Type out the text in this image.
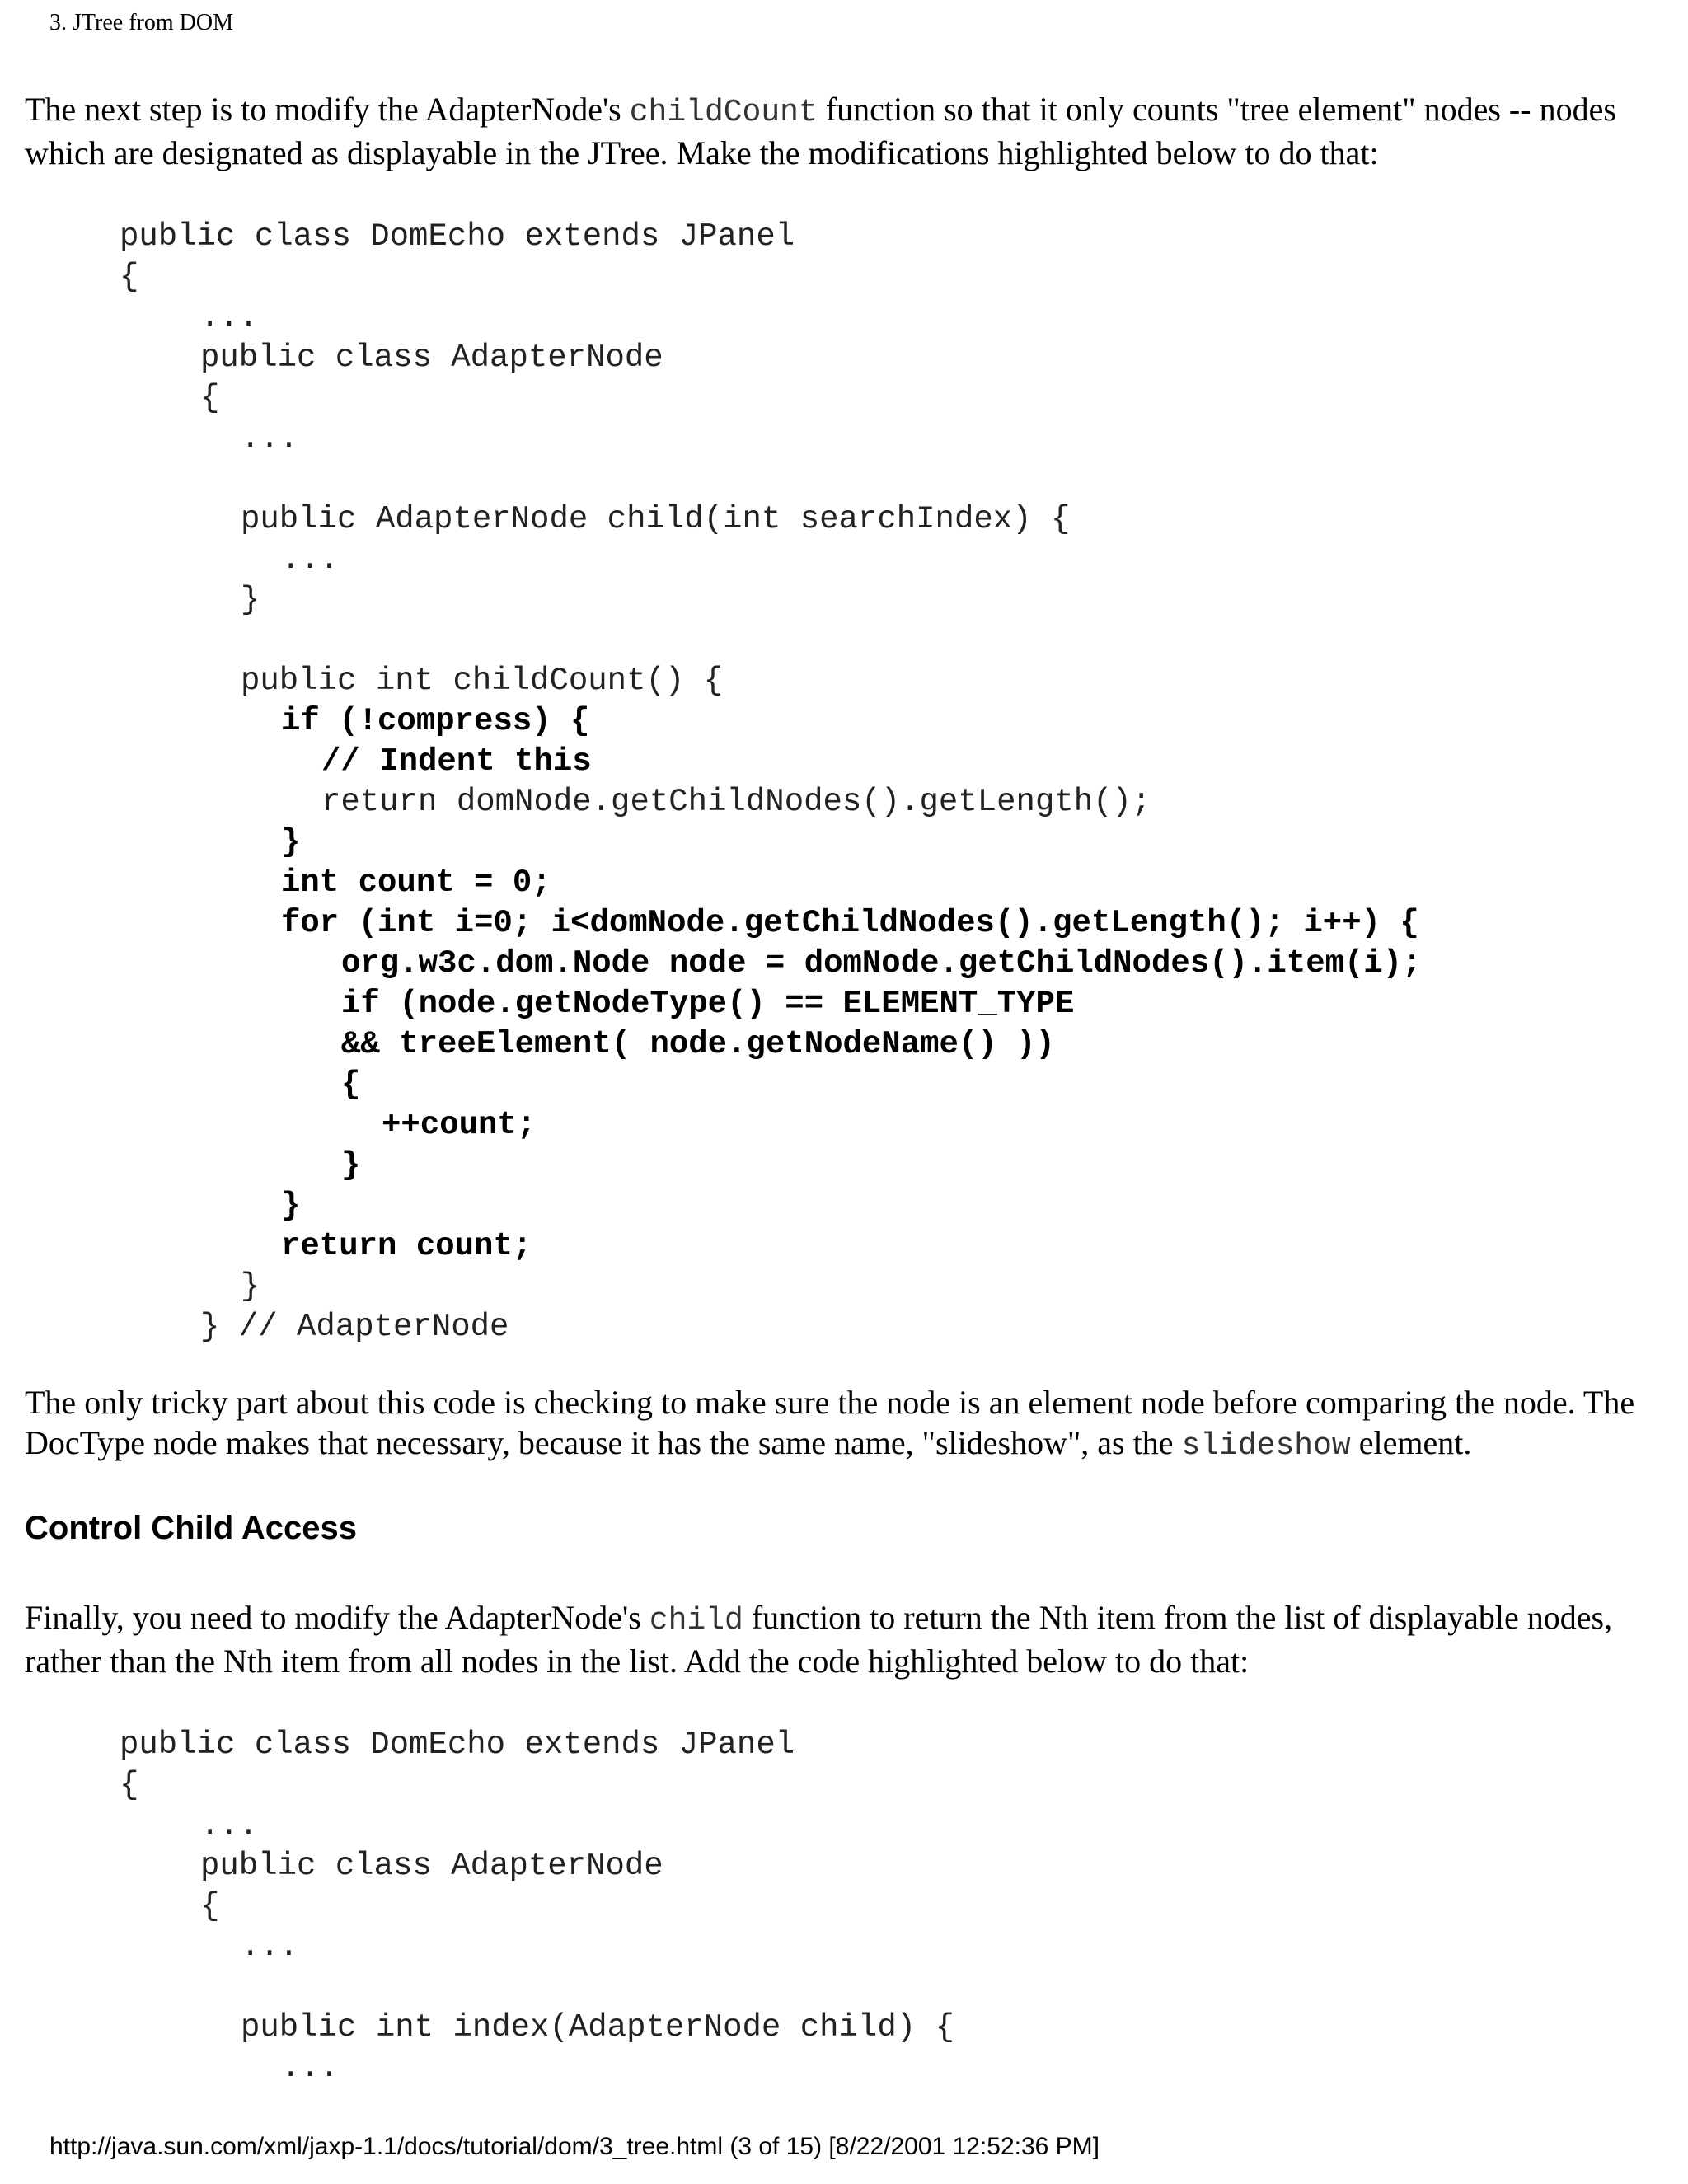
3. JTree from DOM
The next step is to modify the AdapterNode's childCount function so that it only counts "tree element" nodes -- nodes which are designated as displayable in the JTree. Make the modifications highlighted below to do that:
public class DomEcho extends JPanel
{
...
public class AdapterNode
{
...
public AdapterNode child(int searchIndex) {
...
}
public int childCount() {
if (!compress) {
// Indent this
return domNode.getChildNodes().getLength();
}
int count = 0;
for (int i=0; i<domNode.getChildNodes().getLength(); i++) {
org.w3c.dom.Node node = domNode.getChildNodes().item(i);
if (node.getNodeType() == ELEMENT_TYPE
&& treeElement( node.getNodeName() ))
{
++count;
}
}
return count;
}
} // AdapterNode
The only tricky part about this code is checking to make sure the node is an element node before comparing the node. The DocType node makes that necessary, because it has the same name, "slideshow", as the slideshow element.
Control Child Access
Finally, you need to modify the AdapterNode's child function to return the Nth item from the list of displayable nodes, rather than the Nth item from all nodes in the list. Add the code highlighted below to do that:
public class DomEcho extends JPanel
{
...
public class AdapterNode
{
...
public int index(AdapterNode child) {
...
http://java.sun.com/xml/jaxp-1.1/docs/tutorial/dom/3_tree.html (3 of 15) [8/22/2001 12:52:36 PM]
